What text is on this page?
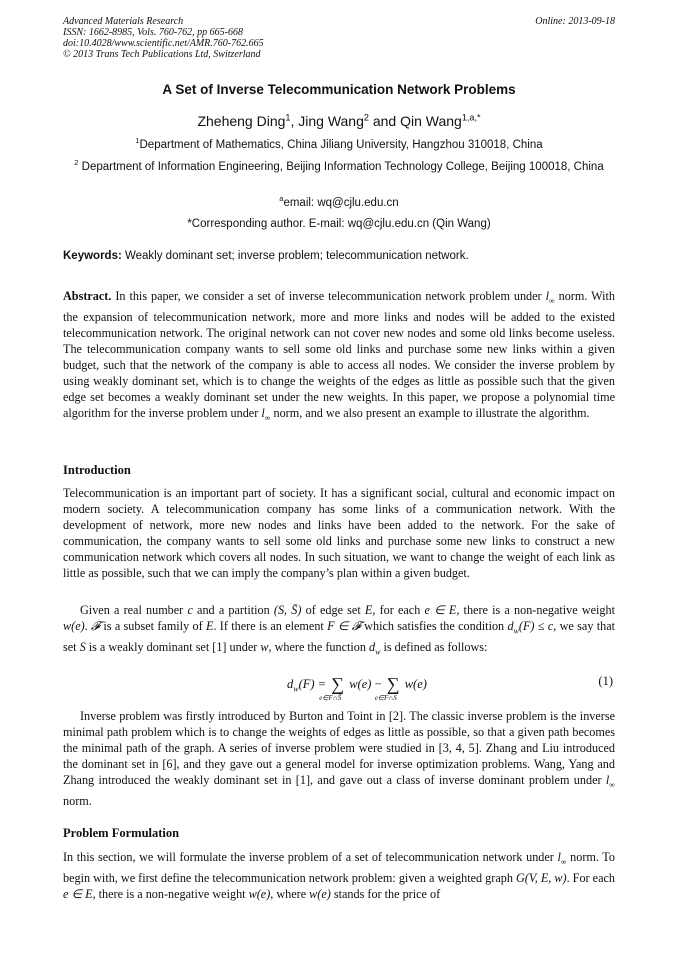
Advanced Materials Research
ISSN: 1662-8985, Vols. 760-762, pp 665-668
doi:10.4028/www.scientific.net/AMR.760-762.665
© 2013 Trans Tech Publications Ltd, Switzerland
Online: 2013-09-18
A Set of Inverse Telecommunication Network Problems
Zheheng Ding$^1$, Jing Wang$^2$ and Qin Wang$^{1,a,*}$
$^1$Department of Mathematics, China Jiliang University, Hangzhou 310018, China
$^2$ Department of Information Engineering, Beijing Information Technology College, Beijing 100018, China
$^a$email: wq@cjlu.edu.cn
*Corresponding author. E-mail: wq@cjlu.edu.cn (Qin Wang)
Keywords: Weakly dominant set; inverse problem; telecommunication network.
Abstract. In this paper, we consider a set of inverse telecommunication network problem under $l_\infty$ norm. With the expansion of telecommunication network, more and more links and nodes will be added to the existed telecommunication network. The original network can not cover new nodes and some old links become useless. The telecommunication company wants to sell some old links and purchase some new links within a given budget, such that the network of the company is able to access all nodes. We consider the inverse problem by using weakly dominant set, which is to change the weights of the edges as little as possible such that the given edge set becomes a weakly dominant set under the new weights. In this paper, we propose a polynomial time algorithm for the inverse problem under $l_\infty$ norm, and we also present an example to illustrate the algorithm.
Introduction
Telecommunication is an important part of society. It has a significant social, cultural and economic impact on modern society. A telecommunication company has some links of a communication network. With the development of network, more new nodes and links have been added to the network. For the sake of communication, the company wants to sell some old links and purchase some new links to construct a new communication network which covers all nodes. In such situation, we want to change the weight of each link as little as possible, such that we can imply the company’s plan within a given budget.
Given a real number c and a partition (S, S̄) of edge set E, for each e ∈ E, there is a non-negative weight w(e). 𝓕 is a subset family of E. If there is an element F ∈ 𝓕 which satisfies the condition $d_w(F) \le c$, we say that set S is a weakly dominant set [1] under w, where the function $d_w$ is defined as follows:
$d_w(F)$ = ∑
e∈F∩S̄
w(e) − ∑
e∈F∩S
w(e)	(1)
Inverse problem was firstly introduced by Burton and Toint in [2]. The classic inverse problem is the inverse minimal path problem which is to change the weights of edges as little as possible, so that a given path becomes the minimal path of the graph. A series of inverse problem were studied in [3, 4, 5]. Zhang and Liu introduced the dominant set in [6], and they gave out a general model for inverse optimization problems. Wang, Yang and Zhang introduced the weakly dominant set in [1], and gave out a class of inverse dominant problem under $l_\infty$ norm.
Problem Formulation
In this section, we will formulate the inverse problem of a set of telecommunication network under $l_\infty$ norm. To begin with, we first define the telecommunication network problem: given a weighted graph G(V, E, w). For each e ∈ E, there is a non-negative weight w(e), where w(e) stands for the price of
